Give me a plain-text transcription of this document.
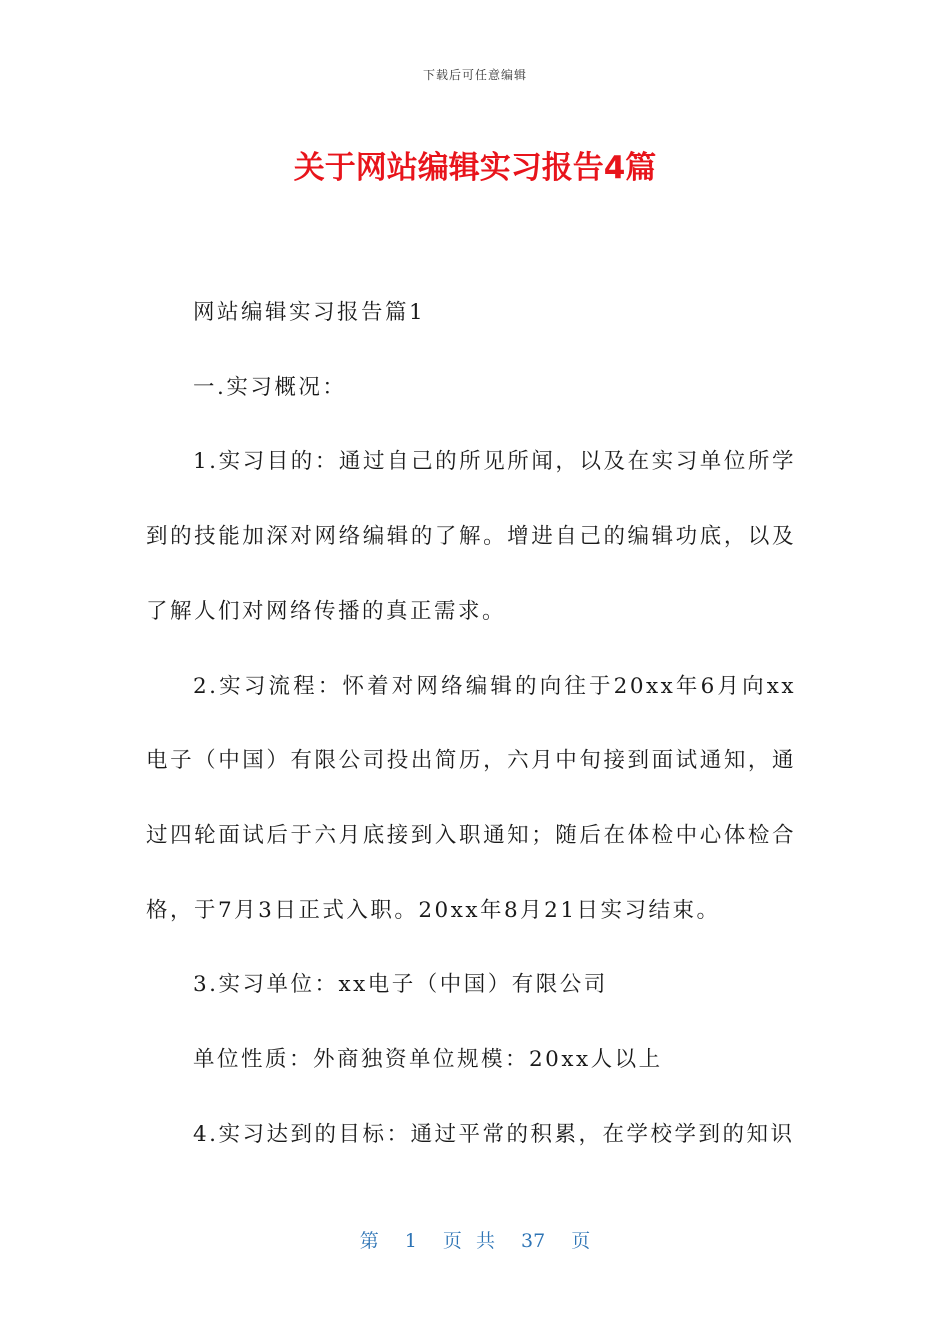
下载后可任意编辑
关于网站编辑实习报告4篇

网站编辑实习报告篇1

一.实习概况：

1.实习目的：通过自己的所见所闻，以及在实习单位所学到的技能加深对网络编辑的了解。增进自己的编辑功底，以及了解人们对网络传播的真正需求。

2.实习流程：怀着对网络编辑的向往于20xx年6月向xx电子（中国）有限公司投出简历，六月中旬接到面试通知，通过四轮面试后于六月底接到入职通知；随后在体检中心体检合格，于7月3日正式入职。20xx年8月21日实习结束。

3.实习单位：xx电子（中国）有限公司

单位性质：外商独资单位规模：20xx人以上

4.实习达到的目标：通过平常的积累，在学校学到的知识

第 1 页 共 37 页
